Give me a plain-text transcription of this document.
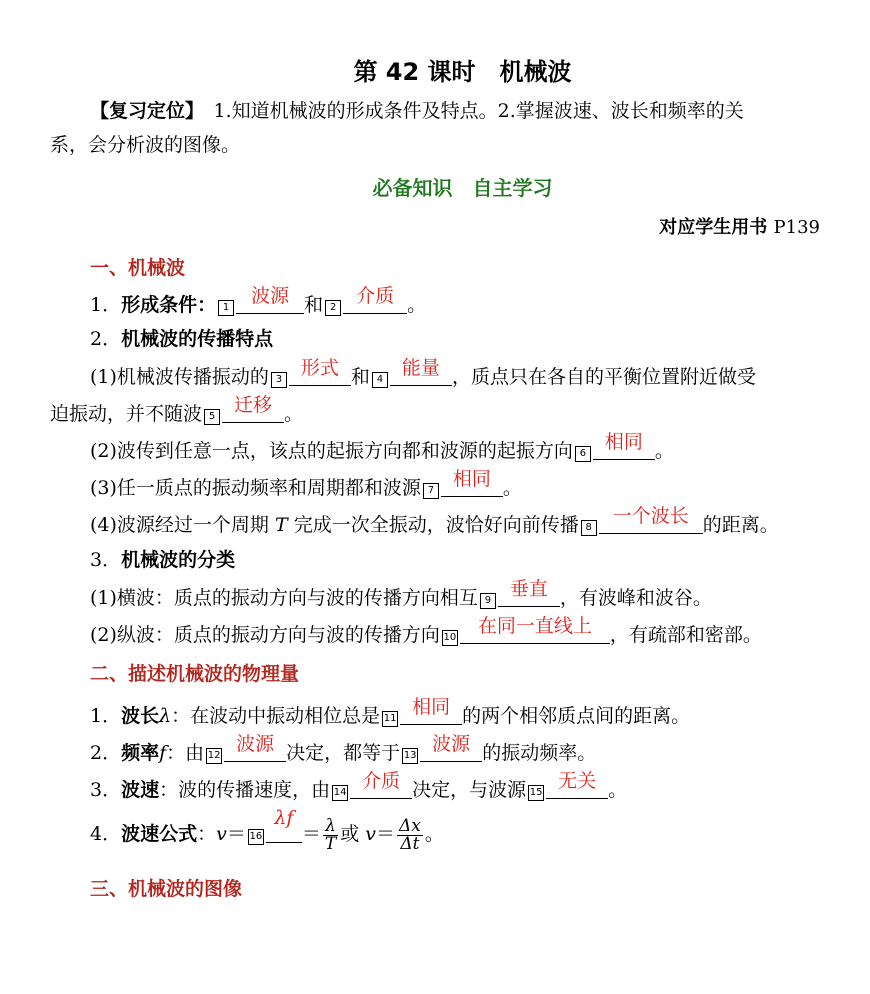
第 42 课时　机械波
【复习定位】　1.知道机械波的形成条件及特点。2.掌握波速、波长和频率的关
系，会分析波的图像。
必备知识　自主学习
对应学生用书 P139
一、机械波
1．形成条件： 1
波源 和 2
介质 。
2．机械波的传播特点
(1)机械波传播振动的 3
形式 和 4
能量 ，质点只在各自的平衡位置附近做受
迫振动，并不随波 5
迁移 。
(2)波传到任意一点，该点的起振方向都和波源的起振方向 6
相同 。
(3)任一质点的振动频率和周期都和波源 7
相同 。
(4)波源经过一个周期 T 完成一次全振动，波恰好向前传播 8
一个波长 的距离。
3．机械波的分类
(1)横波：质点的振动方向与波的传播方向相互 9
垂直 ，有波峰和波谷。
(2)纵波：质点的振动方向与波的传播方向 10
在同一直线上 ，有疏部和密部。
二、描述机械波的物理量
1．波长λ：在波动中振动相位总是 11
相同 的两个相邻质点间的距离。
2．频率f：由 12
波源 决定，都等于 13
波源 的振动频率。
3．波速：波的传播速度，由 14
介质 决定，与波源 15
无关 。
4．波速公式：v＝ 16
λf
＝ $\frac{\lambda}{T}$ 或 $v= \frac{\Delta x}{\Delta t}$ 。
三、机械波的图像
